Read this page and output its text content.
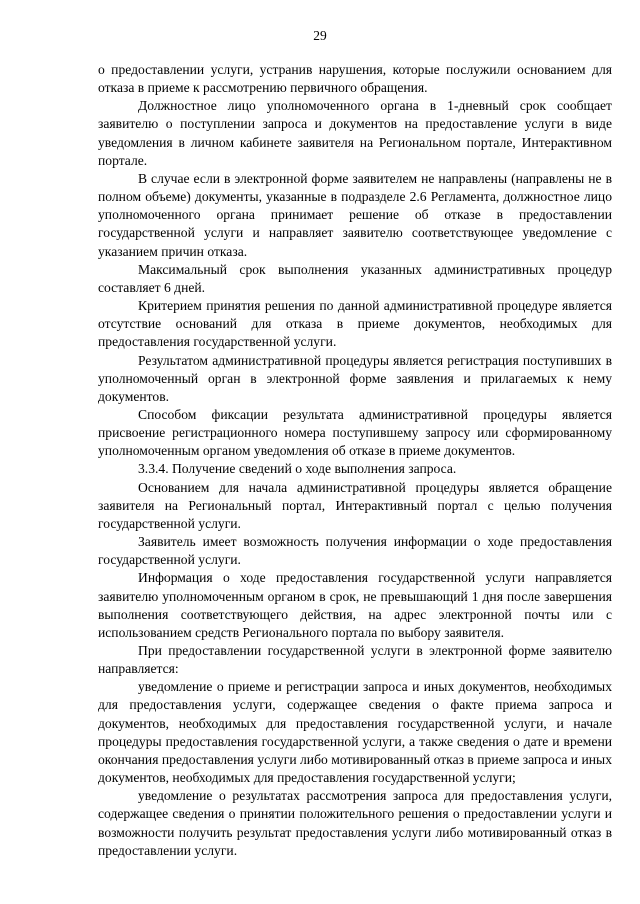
29

о предоставлении услуги, устранив нарушения, которые послужили основанием для отказа в приеме к рассмотрению первичного обращения.

Должностное лицо уполномоченного органа в 1-дневный срок сообщает заявителю о поступлении запроса и документов на предоставление услуги в виде уведомления в личном кабинете заявителя на Региональном портале, Интерактивном портале.

В случае если в электронной форме заявителем не направлены (направлены не в полном объеме) документы, указанные в подразделе 2.6 Регламента, должностное лицо уполномоченного органа принимает решение об отказе в предоставлении государственной услуги и направляет заявителю соответствующее уведомление с указанием причин отказа.

Максимальный срок выполнения указанных административных процедур составляет 6 дней.

Критерием принятия решения по данной административной процедуре является отсутствие оснований для отказа в приеме документов, необходимых для предоставления государственной услуги.

Результатом административной процедуры является регистрация поступивших в уполномоченный орган в электронной форме заявления и прилагаемых к нему документов.

Способом фиксации результата административной процедуры является присвоение регистрационного номера поступившему запросу или сформированному уполномоченным органом уведомления об отказе в приеме документов.

3.3.4. Получение сведений о ходе выполнения запроса.

Основанием для начала административной процедуры является обращение заявителя на Региональный портал, Интерактивный портал с целью получения государственной услуги.

Заявитель имеет возможность получения информации о ходе предоставления государственной услуги.

Информация о ходе предоставления государственной услуги направляется заявителю уполномоченным органом в срок, не превышающий 1 дня после завершения выполнения соответствующего действия, на адрес электронной почты или с использованием средств Регионального портала по выбору заявителя.

При предоставлении государственной услуги в электронной форме заявителю направляется:

уведомление о приеме и регистрации запроса и иных документов, необходимых для предоставления услуги, содержащее сведения о факте приема запроса и документов, необходимых для предоставления государственной услуги, и начале процедуры предоставления государственной услуги, а также сведения о дате и времени окончания предоставления услуги либо мотивированный отказ в приеме запроса и иных документов, необходимых для предоставления государственной услуги;

уведомление о результатах рассмотрения запроса для предоставления услуги, содержащее сведения о принятии положительного решения о предоставлении услуги и возможности получить результат предоставления услуги либо мотивированный отказ в предоставлении услуги.
